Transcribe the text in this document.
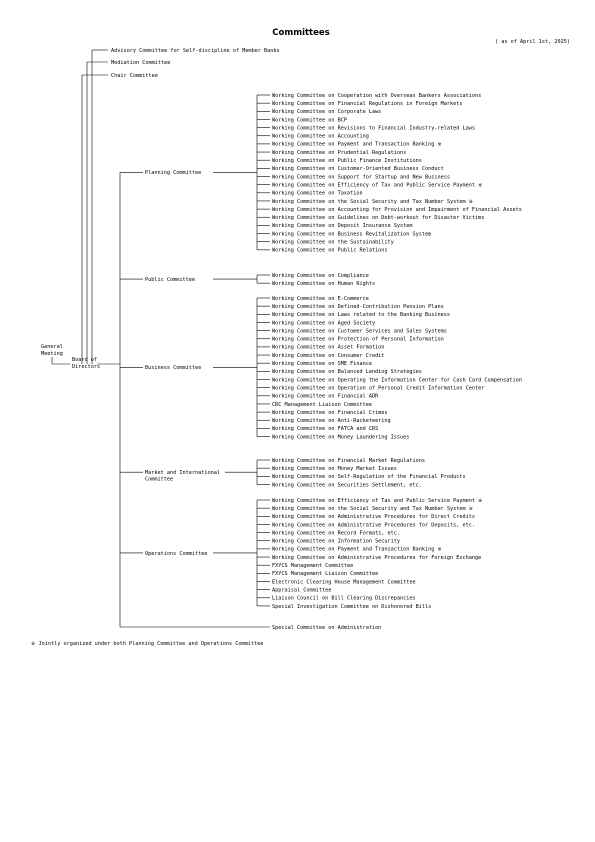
Committees
( as of April 1st, 2025)
General
Meeting
Board of
Directors
Advisory Committee for Self-discipline of Member Banks
Mediation Committee
Chair Committee
Working Committee on Cooperation with Overseas Bankers Associations
Working Committee on Financial Regulations in Foreign Markets
Working Committee on Corporate Laws
Working Committee on BCP
Working Committee on Revisions to Financial Industry-related Laws
Working Committee on Accounting
Working Committee on Payment and Transaction Banking ※
Working Committee on Prudential Regulations
Working Committee on Public Finance Institutions
Working Committee on Customer-Oriented Business Conduct
Working Committee on Support for Startup and New Business
Working Committee on Efficiency of Tax and Public Service Payment ※
Working Committee on Taxation
Working Committee on the Social Security and Tax Number System ※
Working Committee on Accounting for Provision and Impairment of Financial Assets
Working Committee on Guidelines on Debt-workout for Disaster Victims
Working Committee on Deposit Insurance System
Working Committee on Business Revitalization System
Working Committee on the Sustainability
Working Committee on Public Relations
Planning Committee
Working Committee on Compliance
Working Committee on Human Rights
Public Committee
Working Committee on E-Commerce
Working Committee on Defined-Contribution Pension Plans
Working Committee on Laws related to the Banking Business
Working Committee on Aged Society
Working Committee on Customer Services and Sales Systems
Working Committee on Protection of Personal Information
Working Committee on Asset Formation
Working Committee on Consumer Credit
Working Committee on SME Finance
Working Committee on Balanced Lending Strategies
Working Committee on Operating the Information Center for Cash Card Compensation
Working Committee on Operation of Personal Credit Information Center
Working Committee on Financial ADR
CRC Management Liaison Committee
Working Committee on Financial Crimes
Working Committee on Anti-Racketeering
Working Committee on FATCA and CRS
Working Committee on Money Laundering Issues
Business Committee
Working Committee on Financial Market Regulations
Working Committee on Money Market Issues
Working Committee on Self-Regulation of the Financial Products
Working Committee on Securities Settlement, etc.
Market and International
Committee
Working Committee on Efficiency of Tax and Public Service Payment ※
Working Committee on the Social Security and Tax Number System ※
Working Committee on Administrative Procedures for Direct Credits
Working Committee on Administrative Procedures for Deposits, etc.
Working Committee on Record Formats, etc.
Working Committee on Information Security
Working Committee on Payment and Transaction Banking ※
Working Committee on Administrative Procedures for Foreign Exchange
FXYCS Management Committee
FXYCS Management Liaison Committee
Electronic Clearing House Management Committee
Appraisal Committee
Liaison Council on Bill Clearing Discrepancies
Special Investigation Committee on Dishonored Bills
Operations Committee
Special Committee on Administration
※ Jointly organized under both Planning Committee and Operations Committee
